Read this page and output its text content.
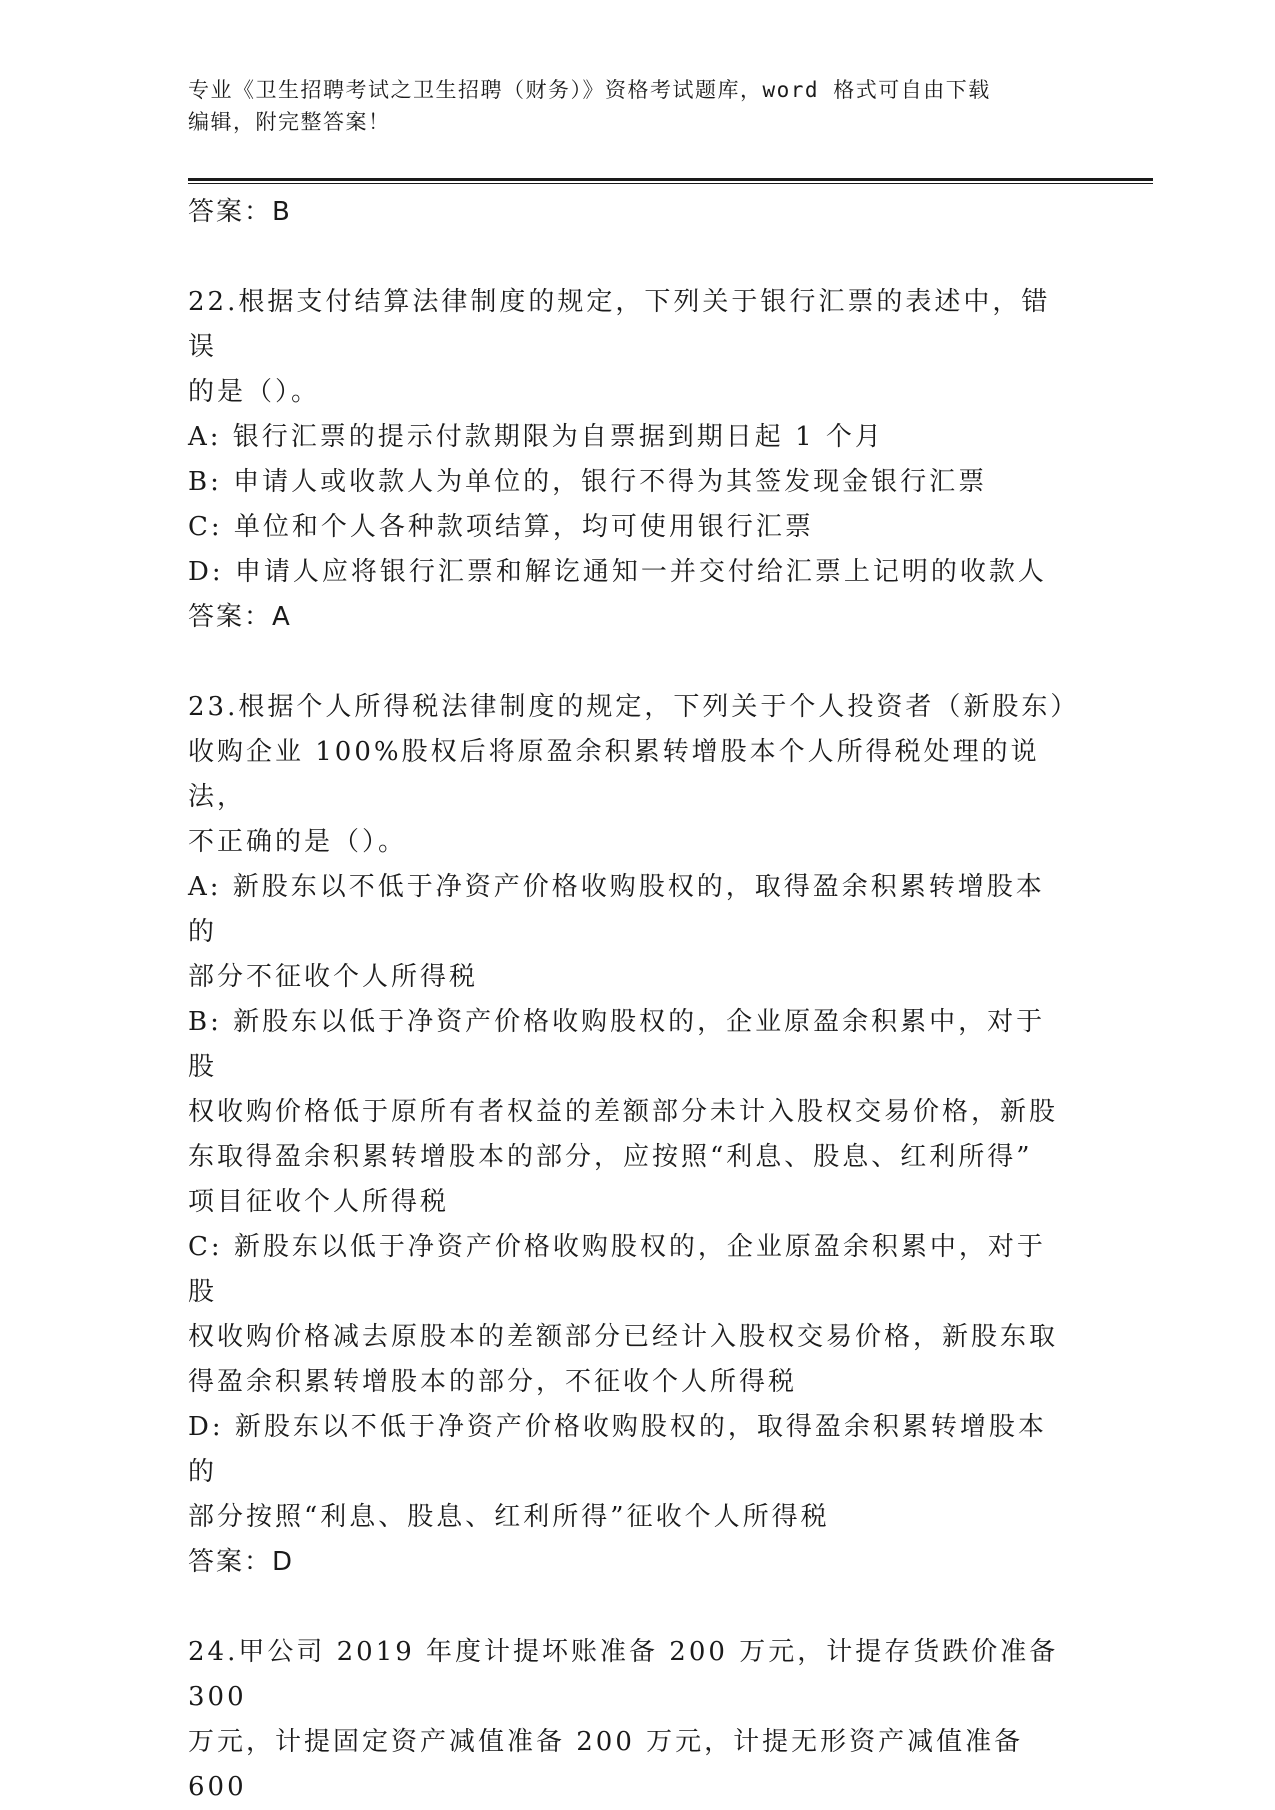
专业《卫生招聘考试之卫生招聘（财务）》资格考试题库，word 格式可自由下载
编辑，附完整答案！

答案：B

22.根据支付结算法律制度的规定，下列关于银行汇票的表述中，错误

的是（）。

A: 银行汇票的提示付款期限为自票据到期日起 1 个月

B: 申请人或收款人为单位的，银行不得为其签发现金银行汇票

C: 单位和个人各种款项结算，均可使用银行汇票

D: 申请人应将银行汇票和解讫通知一并交付给汇票上记明的收款人

答案：A

23.根据个人所得税法律制度的规定，下列关于个人投资者（新股东）

收购企业 100%股权后将原盈余积累转增股本个人所得税处理的说法，

不正确的是（）。

A: 新股东以不低于净资产价格收购股权的，取得盈余积累转增股本的

部分不征收个人所得税

B: 新股东以低于净资产价格收购股权的，企业原盈余积累中，对于股

权收购价格低于原所有者权益的差额部分未计入股权交易价格，新股

东取得盈余积累转增股本的部分，应按照“利息、股息、红利所得”

项目征收个人所得税

C: 新股东以低于净资产价格收购股权的，企业原盈余积累中，对于股

权收购价格减去原股本的差额部分已经计入股权交易价格，新股东取

得盈余积累转增股本的部分，不征收个人所得税

D: 新股东以不低于净资产价格收购股权的，取得盈余积累转增股本的

部分按照“利息、股息、红利所得”征收个人所得税

答案：D

24.甲公司 2019 年度计提坏账准备 200 万元，计提存货跌价准备 300

万元，计提固定资产减值准备 200 万元，计提无形资产减值准备 600
